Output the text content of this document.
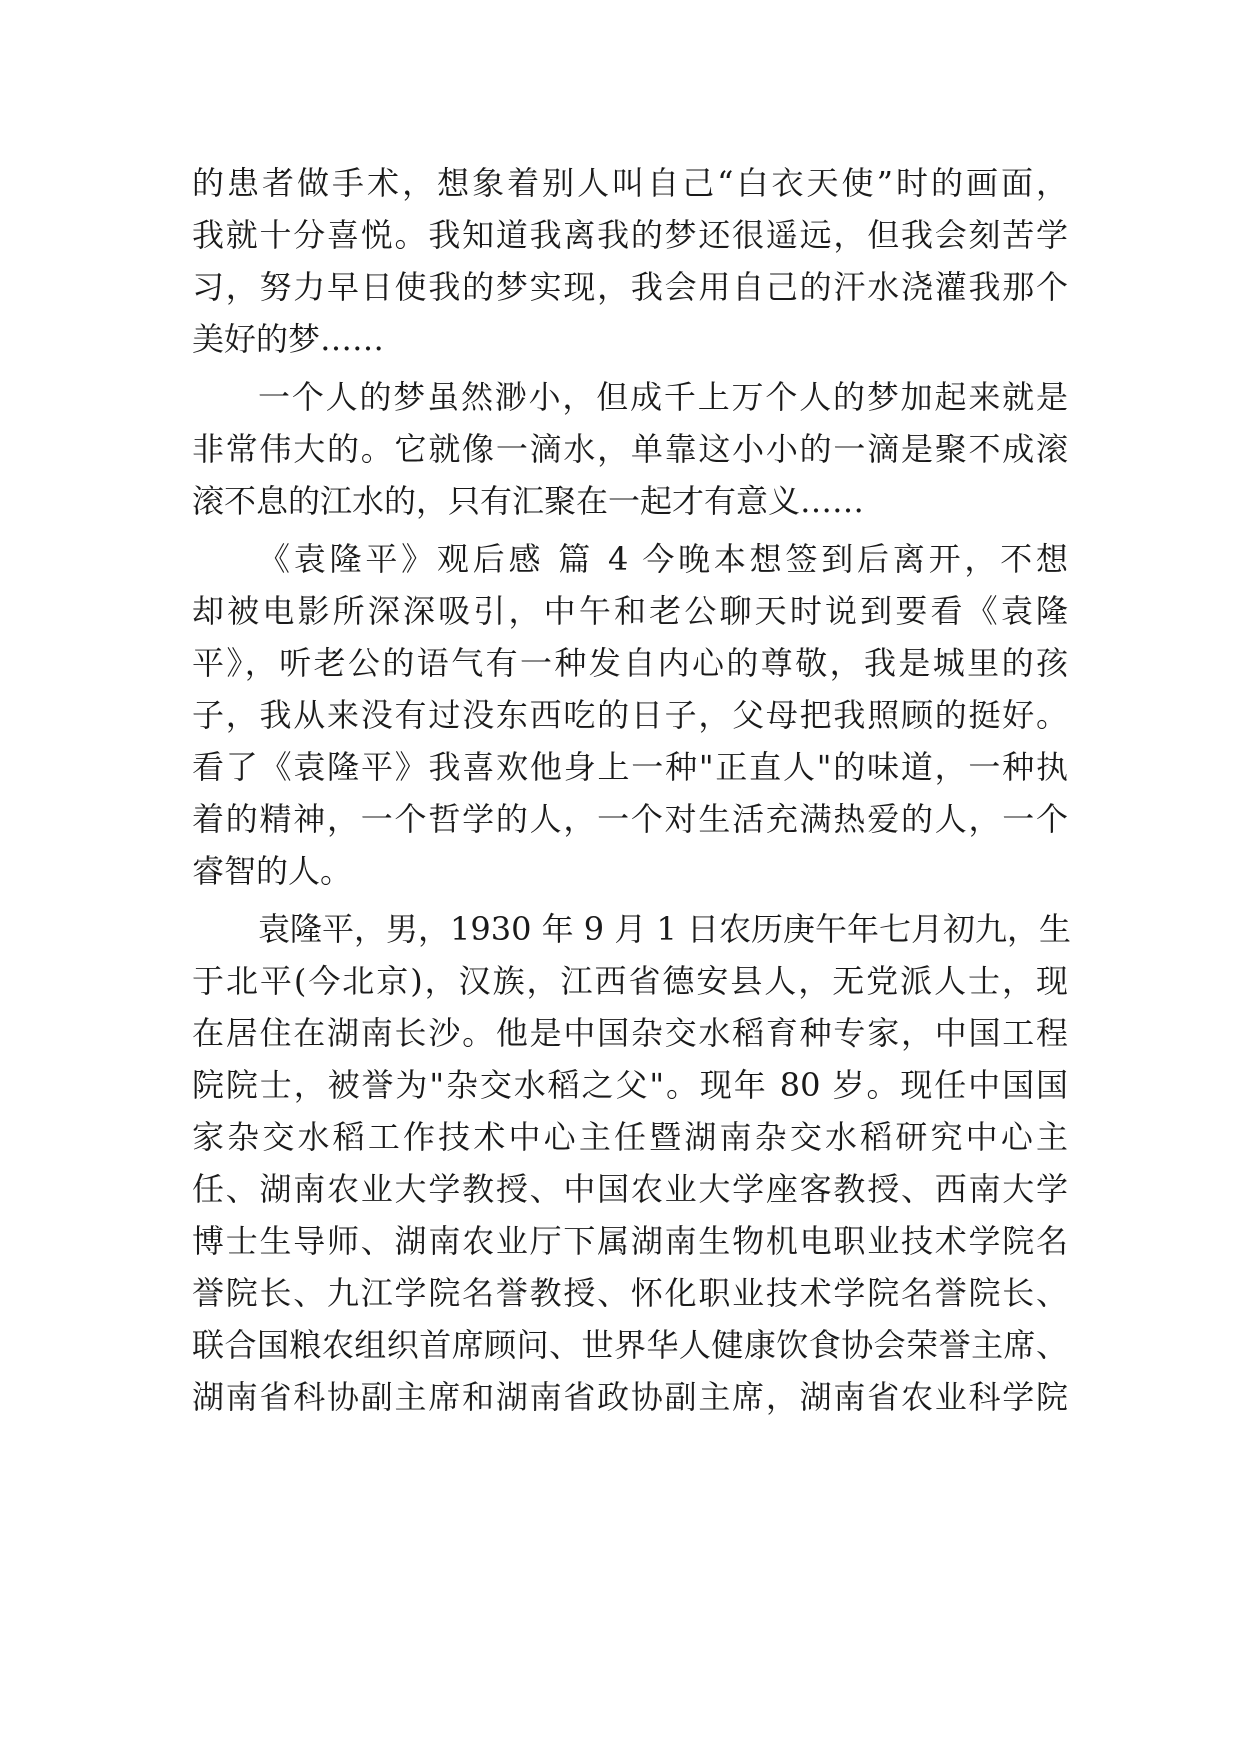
的患者做手术，想象着别人叫自己“白衣天使”时的画面，
我就十分喜悦。我知道我离我的梦还很遥远，但我会刻苦学
习，努力早日使我的梦实现，我会用自己的汗水浇灌我那个
美好的梦……
一个人的梦虽然渺小，但成千上万个人的梦加起来就是
非常伟大的。它就像一滴水，单靠这小小的一滴是聚不成滚
滚不息的江水的，只有汇聚在一起才有意义……
《袁隆平》观后感 篇 4 今晚本想签到后离开，不想
却被电影所深深吸引，中午和老公聊天时说到要看《袁隆
平》，听老公的语气有一种发自内心的尊敬，我是城里的孩
子，我从来没有过没东西吃的日子，父母把我照顾的挺好。
看了《袁隆平》我喜欢他身上一种"正直人"的味道，一种执
着的精神，一个哲学的人，一个对生活充满热爱的人，一个
睿智的人。
袁隆平，男，1930 年 9 月 1 日农历庚午年七月初九，生
于北平(今北京)，汉族，江西省德安县人，无党派人士，现
在居住在湖南长沙。他是中国杂交水稻育种专家，中国工程
院院士，被誉为"杂交水稻之父"。现年 80 岁。现任中国国
家杂交水稻工作技术中心主任暨湖南杂交水稻研究中心主
任、湖南农业大学教授、中国农业大学座客教授、西南大学
博士生导师、湖南农业厅下属湖南生物机电职业技术学院名
誉院长、九江学院名誉教授、怀化职业技术学院名誉院长、
联合国粮农组织首席顾问、世界华人健康饮食协会荣誉主席、
湖南省科协副主席和湖南省政协副主席，湖南省农业科学院
